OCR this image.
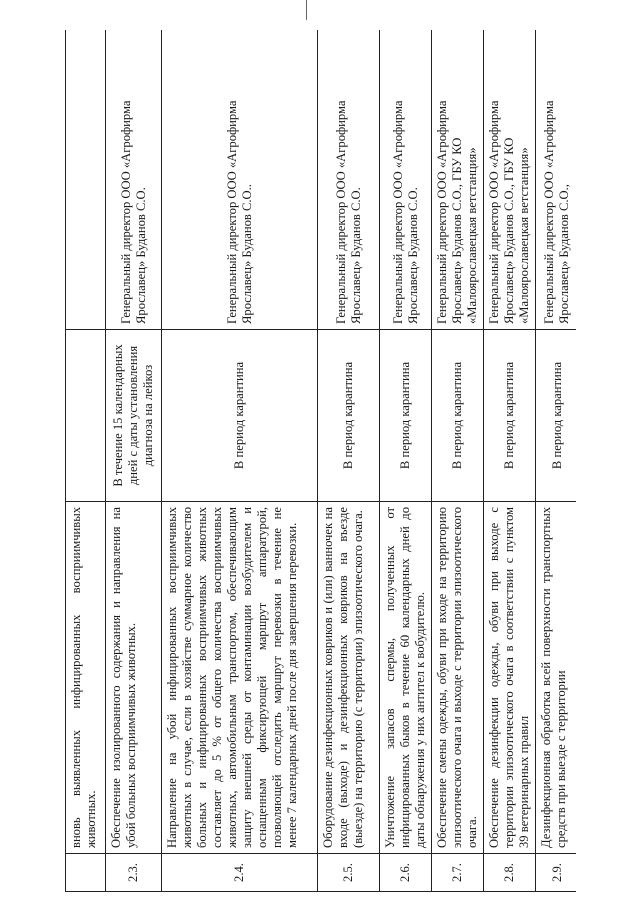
	вновь выявленных инфицированных восприимчивых животных.		
2.3.	Обеспечение изолированного содержания и направления на убой больных восприимчивых животных.	В течение 15 календарных дней с даты установления диагноза на лейкоз	Генеральный директор ООО «Агрофирма Ярославец» Буданов С.О.
2.4.	Направление на убой инфицированных восприимчивых животных в случае, если в хозяйстве суммарное количество больных и инфицированных восприимчивых животных составляет до 5 % от общего количества восприимчивых животных, автомобильным транспортом, обеспечивающим защиту внешней среды от контаминации возбудителем и оснащенным фиксирующей маршрут аппаратурой, позволяющей отследить маршрут перевозки в течение не менее 7 календарных дней после дня завершения перевозки.	В период карантина	Генеральный директор ООО «Агрофирма Ярославец» Буданов С.О..
2.5.	Оборудование дезинфекционных ковриков и (или) ванночек на входе (выходе) и дезинфекционных ковриков на въезде (выезде) на территорию (с территории) эпизоотического очага.	В период карантина	Генеральный директор ООО «Агрофирма Ярославец» Буданов С.О.
2.6.	Уничтожение запасов спермы, полученных от инфицированных быков в течение 60 календарных дней до даты обнаружения у них антител к вобудителю.	В период карантина	Генеральный директор ООО «Агрофирма Ярославец» Буданов С.О.
2.7.	Обеспечение смены одежды, обуви при входе на территорию эпизоотического очага и выходе с территории эпизоотического очага.	В период карантина	Генеральный директор ООО «Агрофирма Ярославец» Буданов С.О., ГБУ КО «Малоярославецкая ветстанция»
2.8.	Обеспечение дезинфекции одежды, обуви при выходе с территории эпизоотического очага в соответствии с пунктом 39 ветеринарных правил	В период карантина	Генеральный директор ООО «Агрофирма Ярославец» Буданов С.О., ГБУ КО «Малоярославецкая ветстанция»
2.9.	Дезинфекционная обработка всей поверхности транспортных средств при выезде с территории	В период карантина	Генеральный директор ООО «Агрофирма Ярославец» Буданов С.О.,
